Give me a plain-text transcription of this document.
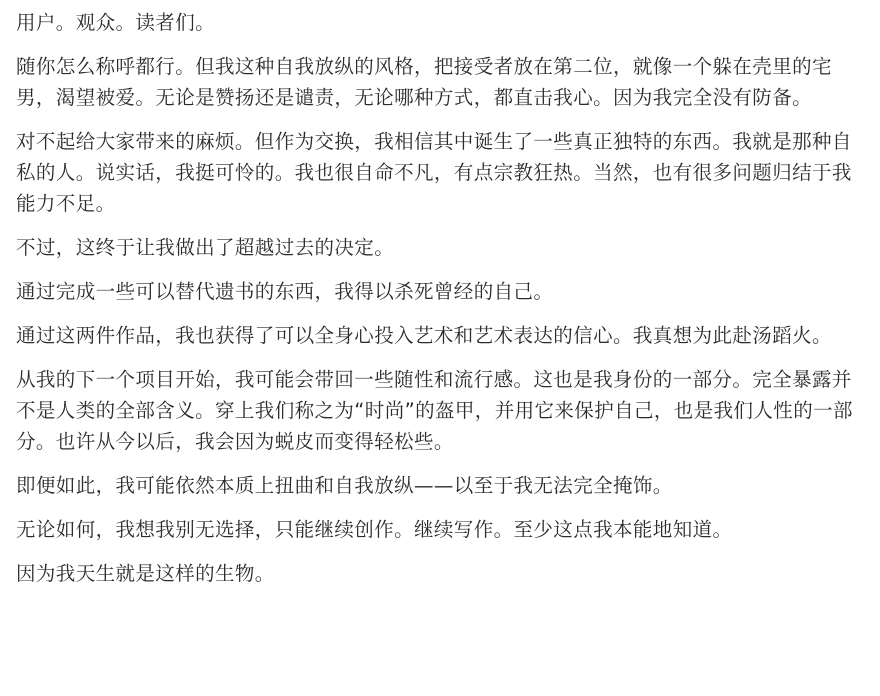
用户。观众。读者们。

随你怎么称呼都行。但我这种自我放纵的风格，把接受者放在第二位，就像一个躲在壳里的宅男，渴望被爱。无论是赞扬还是谴责，无论哪种方式，都直击我心。因为我完全没有防备。

对不起给大家带来的麻烦。但作为交换，我相信其中诞生了一些真正独特的东西。我就是那种自私的人。说实话，我挺可怜的。我也很自命不凡，有点宗教狂热。当然，也有很多问题归结于我能力不足。

不过，这终于让我做出了超越过去的决定。

通过完成一些可以替代遗书的东西，我得以杀死曾经的自己。

通过这两件作品，我也获得了可以全身心投入艺术和艺术表达的信心。我真想为此赴汤蹈火。

从我的下一个项目开始，我可能会带回一些随性和流行感。这也是我身份的一部分。完全暴露并不是人类的全部含义。穿上我们称之为“时尚”的盔甲，并用它来保护自己，也是我们人性的一部分。也许从今以后，我会因为蜕皮而变得轻松些。

即便如此，我可能依然本质上扭曲和自我放纵——以至于我无法完全掩饰。

无论如何，我想我别无选择，只能继续创作。继续写作。至少这点我本能地知道。

因为我天生就是这样的生物。
